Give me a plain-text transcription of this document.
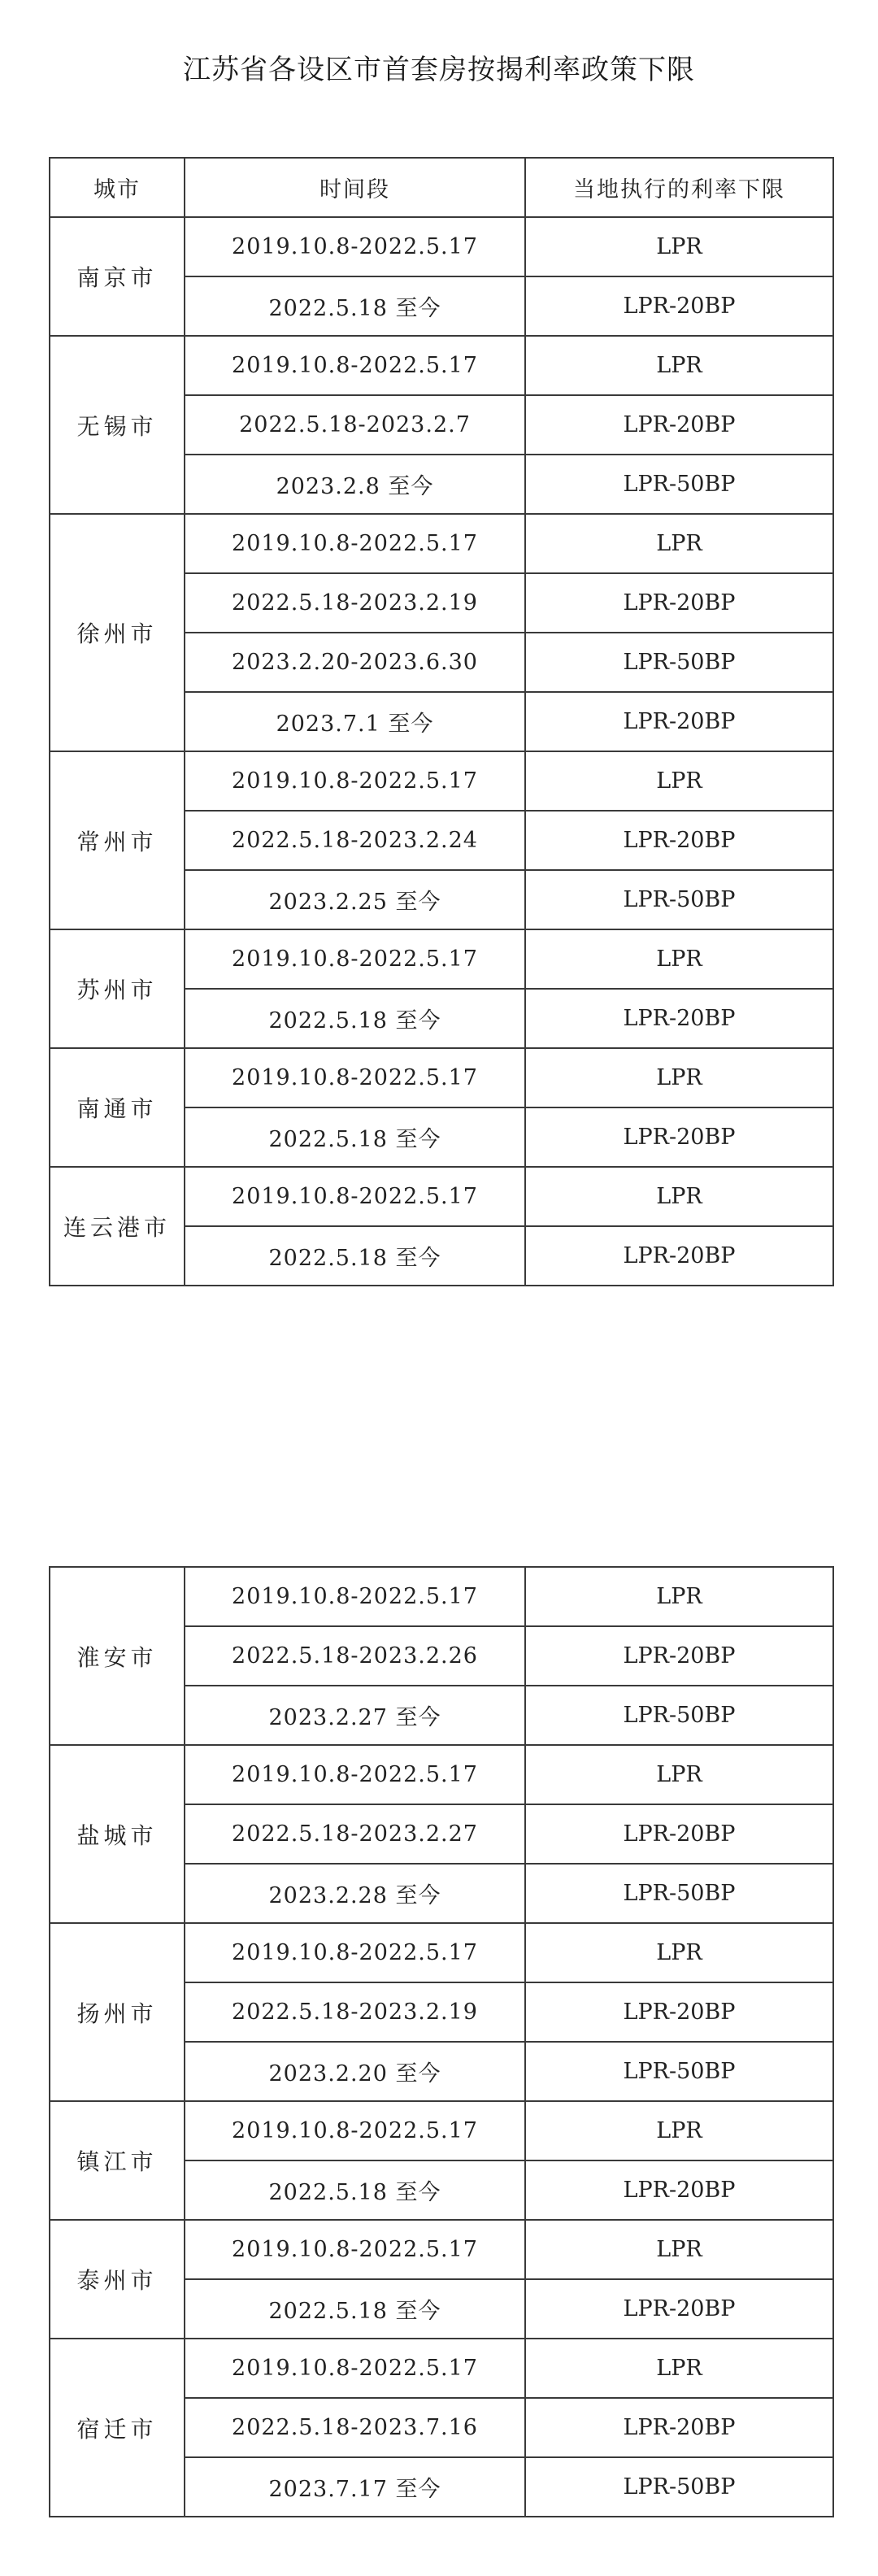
江苏省各设区市首套房按揭利率政策下限
城市	时间段	当地执行的利率下限
南京市	2019.10.8-2022.5.17	LPR
	2022.5.18 至今	LPR-20BP
无锡市	2019.10.8-2022.5.17	LPR
	2022.5.18-2023.2.7	LPR-20BP
	2023.2.8 至今	LPR-50BP
徐州市	2019.10.8-2022.5.17	LPR
	2022.5.18-2023.2.19	LPR-20BP
	2023.2.20-2023.6.30	LPR-50BP
	2023.7.1 至今	LPR-20BP
常州市	2019.10.8-2022.5.17	LPR
	2022.5.18-2023.2.24	LPR-20BP
	2023.2.25 至今	LPR-50BP
苏州市	2019.10.8-2022.5.17	LPR
	2022.5.18 至今	LPR-20BP
南通市	2019.10.8-2022.5.17	LPR
	2022.5.18 至今	LPR-20BP
连云港市	2019.10.8-2022.5.17	LPR
	2022.5.18 至今	LPR-20BP
淮安市	2019.10.8-2022.5.17	LPR
	2022.5.18-2023.2.26	LPR-20BP
	2023.2.27 至今	LPR-50BP
盐城市	2019.10.8-2022.5.17	LPR
	2022.5.18-2023.2.27	LPR-20BP
	2023.2.28 至今	LPR-50BP
扬州市	2019.10.8-2022.5.17	LPR
	2022.5.18-2023.2.19	LPR-20BP
	2023.2.20 至今	LPR-50BP
镇江市	2019.10.8-2022.5.17	LPR
	2022.5.18 至今	LPR-20BP
泰州市	2019.10.8-2022.5.17	LPR
	2022.5.18 至今	LPR-20BP
宿迁市	2019.10.8-2022.5.17	LPR
	2022.5.18-2023.7.16	LPR-20BP
	2023.7.17 至今	LPR-50BP
